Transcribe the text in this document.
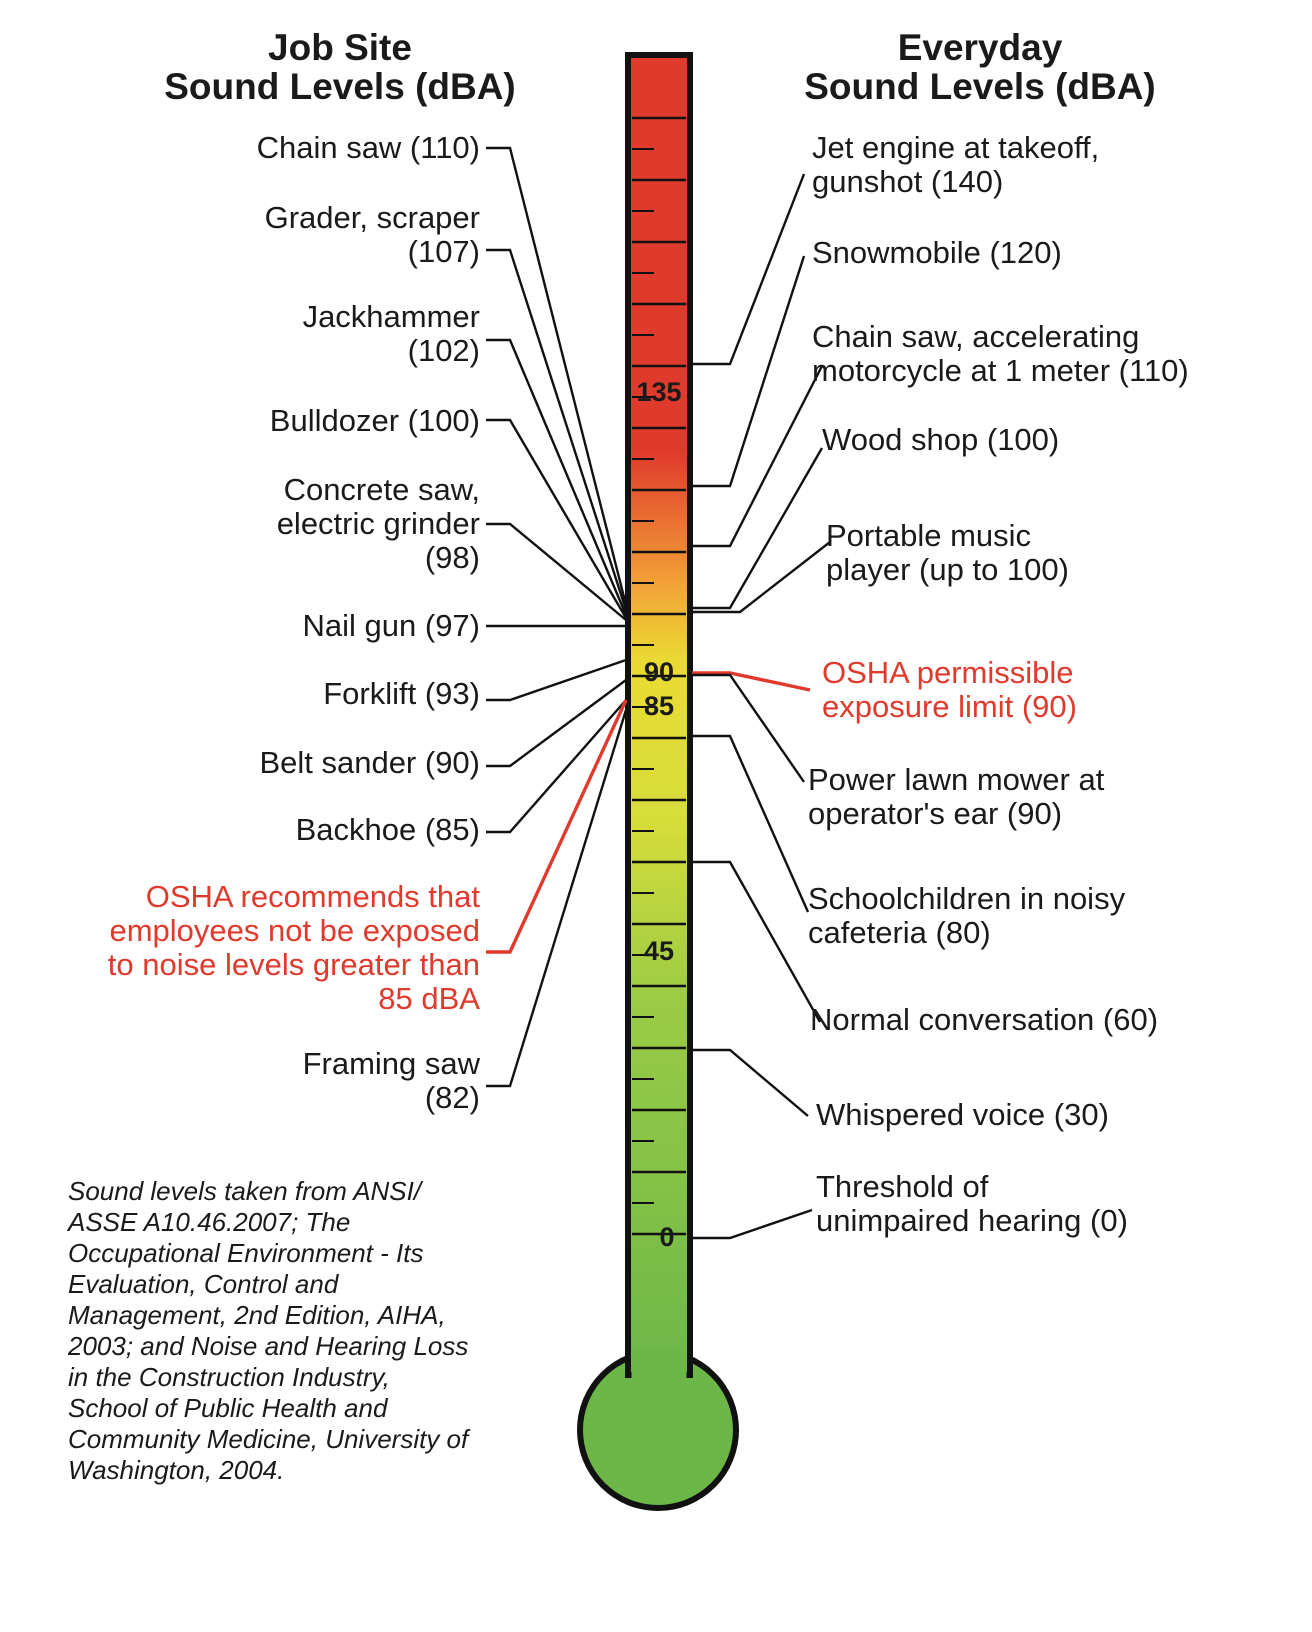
Job Site
Sound Levels (dBA)
Everyday
Sound Levels (dBA)
Chain saw (110)
Grader, scraper
(107)
Jackhammer
(102)
Bulldozer (100)
Concrete saw,
electric grinder
(98)
Nail gun (97)
Forklift (93)
Belt sander (90)
Backhoe (85)
OSHA recommends that
employees not be exposed
to noise levels greater than
85 dBA
Framing saw
(82)
Jet engine at takeoff,
gunshot (140)
Snowmobile (120)
Chain saw, accelerating
motorcycle at 1 meter (110)
Wood shop (100)
Portable music
player (up to 100)
OSHA permissible
exposure limit (90)
Power lawn mower at
operator's ear (90)
Schoolchildren in noisy
cafeteria (80)
Normal conversation (60)
Whispered voice (30)
Threshold of
unimpaired hearing (0)
135
90
85
45
0
Sound levels taken from ANSI/
ASSE A10.46.2007; The
Occupational Environment - Its
Evaluation, Control and
Management, 2nd Edition, AIHA,
2003; and Noise and Hearing Loss
in the Construction Industry,
School of Public Health and
Community Medicine, University of
Washington, 2004.
